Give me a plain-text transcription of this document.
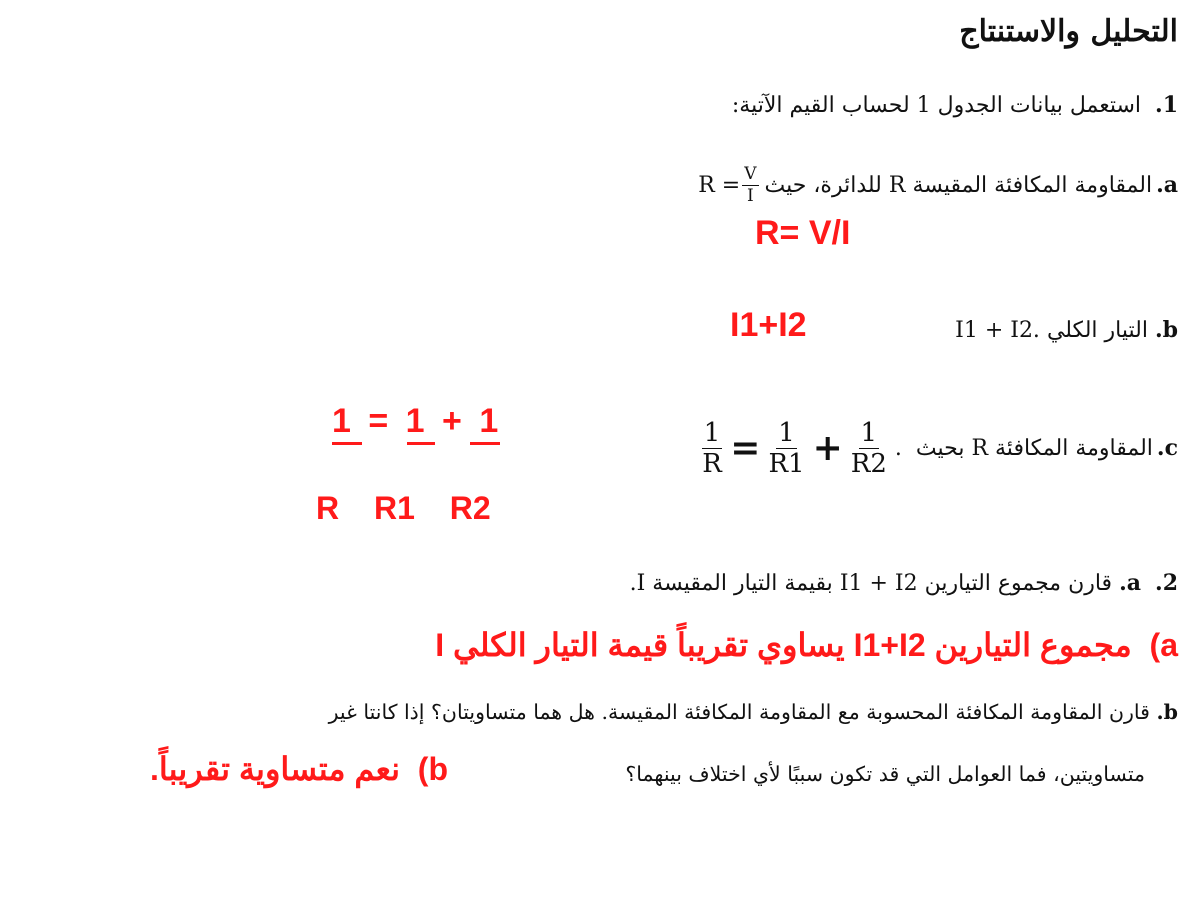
التحليل والاستنتاج
1.  استعمل بيانات الجدول 1 لحساب القيم الآتية:
a.
المقاومة المكافئة المقيسة R للدائرة، حيث
$R = \frac{V}{I}$
R= V/I
b. التيار الكلي I1 + I2.
I1+I2
c.
المقاومة المكافئة R بحيث
$\frac{1}{R} = \frac{1}{R1} + \frac{1}{R2}$ .
1 = 1 + 1
R R1 R2
2.  a. قارن مجموع التيارين I1 + I2 بقيمة التيار المقيسة I.
a)  مجموع التيارين I1+I2 يساوي تقريباً قيمة التيار الكلي I
b. قارن المقاومة المكافئة المحسوبة مع المقاومة المكافئة المقيسة. هل هما متساويتان؟ إذا كانتا غير
متساويتين، فما العوامل التي قد تكون سببًا لأي اختلاف بينهما؟
b)  نعم متساوية تقريباً.
